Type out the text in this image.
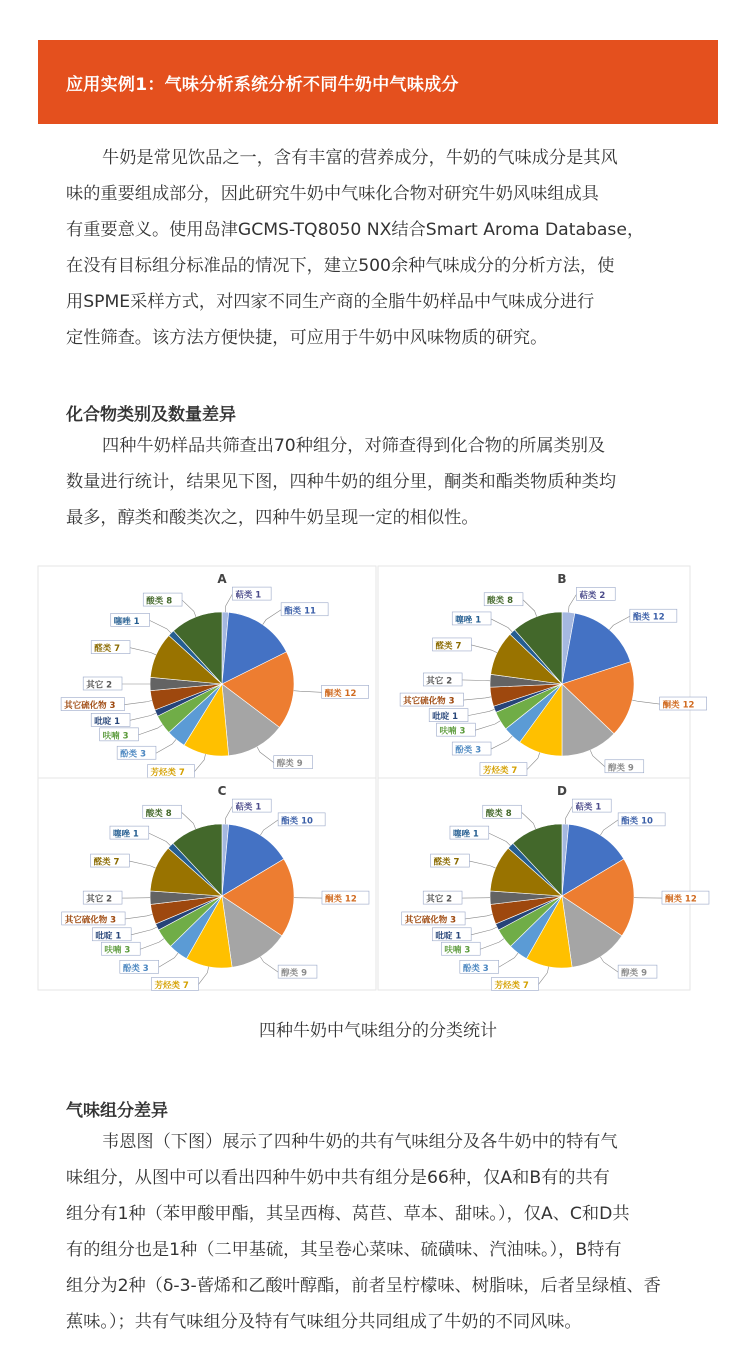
应用实例1：气味分析系统分析不同牛奶中气味成分
牛奶是常见饮品之一，含有丰富的营养成分，牛奶的气味成分是其风
味的重要组成部分，因此研究牛奶中气味化合物对研究牛奶风味组成具
有重要意义。使用岛津GCMS-TQ8050 NX结合Smart Aroma Database，
在没有目标组分标准品的情况下，建立500余种气味成分的分析方法，使
用SPME采样方式，对四家不同生产商的全脂牛奶样品中气味成分进行
定性筛查。该方法方便快捷，可应用于牛奶中风味物质的研究。
化合物类别及数量差异
四种牛奶样品共筛查出70种组分，对筛查得到化合物的所属类别及
数量进行统计，结果见下图，四种牛奶的组分里，酮类和酯类物质种类均
最多，醇类和酸类次之，四种牛奶呈现一定的相似性。
A
萜类 1
酯类 11
酮类 12
醇类 9
芳烃类 7
酚类 3
呋喃 3
吡啶 1
其它硫化物 3
其它 2
醛类 7
噻唑 1
酸类 8
B
萜类 2
酯类 12
酮类 12
醇类 9
芳烃类 7
酚类 3
呋喃 3
吡啶 1
其它硫化物 3
其它 2
醛类 7
噻唑 1
酸类 8
C
萜类 1
酯类 10
酮类 12
醇类 9
芳烃类 7
酚类 3
呋喃 3
吡啶 1
其它硫化物 3
其它 2
醛类 7
噻唑 1
酸类 8
D
萜类 1
酯类 10
酮类 12
醇类 9
芳烃类 7
酚类 3
呋喃 3
吡啶 1
其它硫化物 3
其它 2
醛类 7
噻唑 1
酸类 8
四种牛奶中气味组分的分类统计
气味组分差异
韦恩图（下图）展示了四种牛奶的共有气味组分及各牛奶中的特有气
味组分，从图中可以看出四种牛奶中共有组分是66种，仅A和B有的共有
组分有1种（苯甲酸甲酯，其呈西梅、莴苣、草本、甜味。），仅A、C和D共
有的组分也是1种（二甲基硫，其呈卷心菜味、硫磺味、汽油味。），B特有
组分为2种（δ-3-蒈烯和乙酸叶醇酯，前者呈柠檬味、树脂味，后者呈绿植、香
蕉味。）；共有气味组分及特有气味组分共同组成了牛奶的不同风味。
